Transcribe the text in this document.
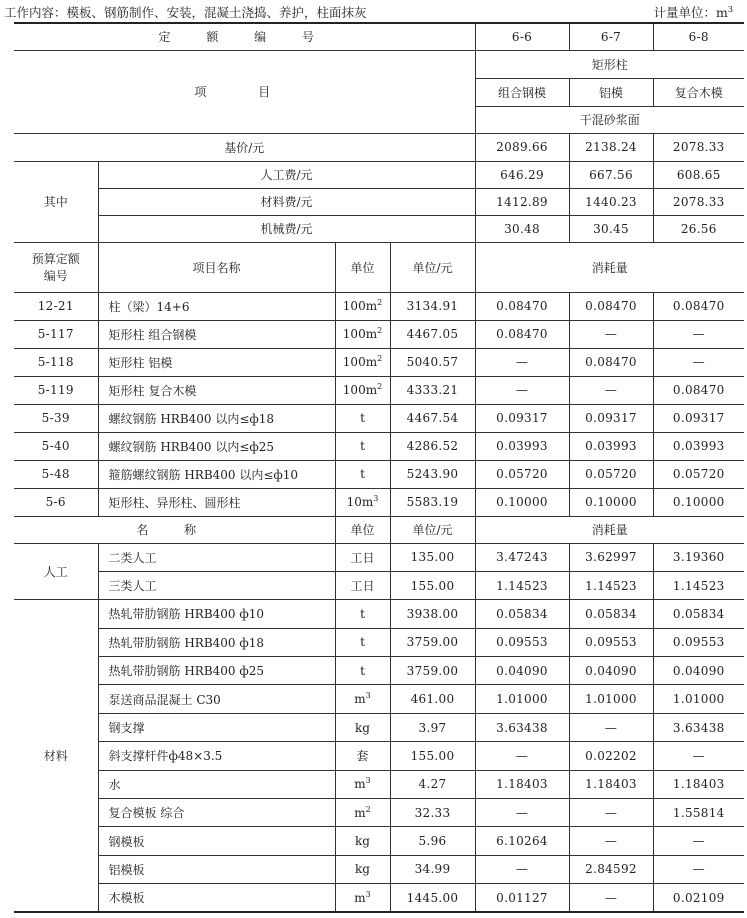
工作内容：模板、钢筋制作、安装，混凝土浇捣、养护，柱面抹灰	计量单位：$m^3$
定 额 编 号				6-6	6-7	6-8
项 目				矩形柱		
				组合钢模	铝模	复合木模
				干混砂浆面		
基价/元				2089.66	2138.24	2078.33
其中	人工费/元			646.29	667.56	608.65
	材料费/元			1412.89	1440.23	2078.33
	机械费/元			30.48	30.45	26.56
预算定额
编号	项目名称	单位	单位/元	消耗量		
12-21	柱（梁）14+6	$100m^2$	3134.91	0.08470	0.08470	0.08470
5-117	矩形柱 组合钢模	$100m^2$	4467.05	0.08470	—	—
5-118	矩形柱 铝模	$100m^2$	5040.57	—	0.08470	—
5-119	矩形柱 复合木模	$100m^2$	4333.21	—	—	0.08470
5-39	螺纹钢筋 HRB400 以内≤ф18	t	4467.54	0.09317	0.09317	0.09317
5-40	螺纹钢筋 HRB400 以内≤ф25	t	4286.52	0.03993	0.03993	0.03993
5-48	箍筋螺纹钢筋 HRB400 以内≤ф10	t	5243.90	0.05720	0.05720	0.05720
5-6	矩形柱、异形柱、圆形柱	$10m^3$	5583.19	0.10000	0.10000	0.10000
名 称		单位	单位/元	消耗量		
人工	二类人工	工日	135.00	3.47243	3.62997	3.19360
	三类人工	工日	155.00	1.14523	1.14523	1.14523
材料	热轧带肋钢筋 HRB400 ф10	t	3938.00	0.05834	0.05834	0.05834
	热轧带肋钢筋 HRB400 ф18	t	3759.00	0.09553	0.09553	0.09553
	热轧带肋钢筋 HRB400 ф25	t	3759.00	0.04090	0.04090	0.04090
	泵送商品混凝土 C30	$m^3$	461.00	1.01000	1.01000	1.01000
	钢支撑	kg	3.97	3.63438	—	3.63438
	斜支撑杆件ф48×3.5	套	155.00	—	0.02202	—
	水	$m^3$	4.27	1.18403	1.18403	1.18403
	复合模板 综合	$m^2$	32.33	—	—	1.55814
	钢模板	kg	5.96	6.10264	—	—
	铝模板	kg	34.99	—	2.84592	—
	木模板	$m^3$	1445.00	0.01127	—	0.02109
